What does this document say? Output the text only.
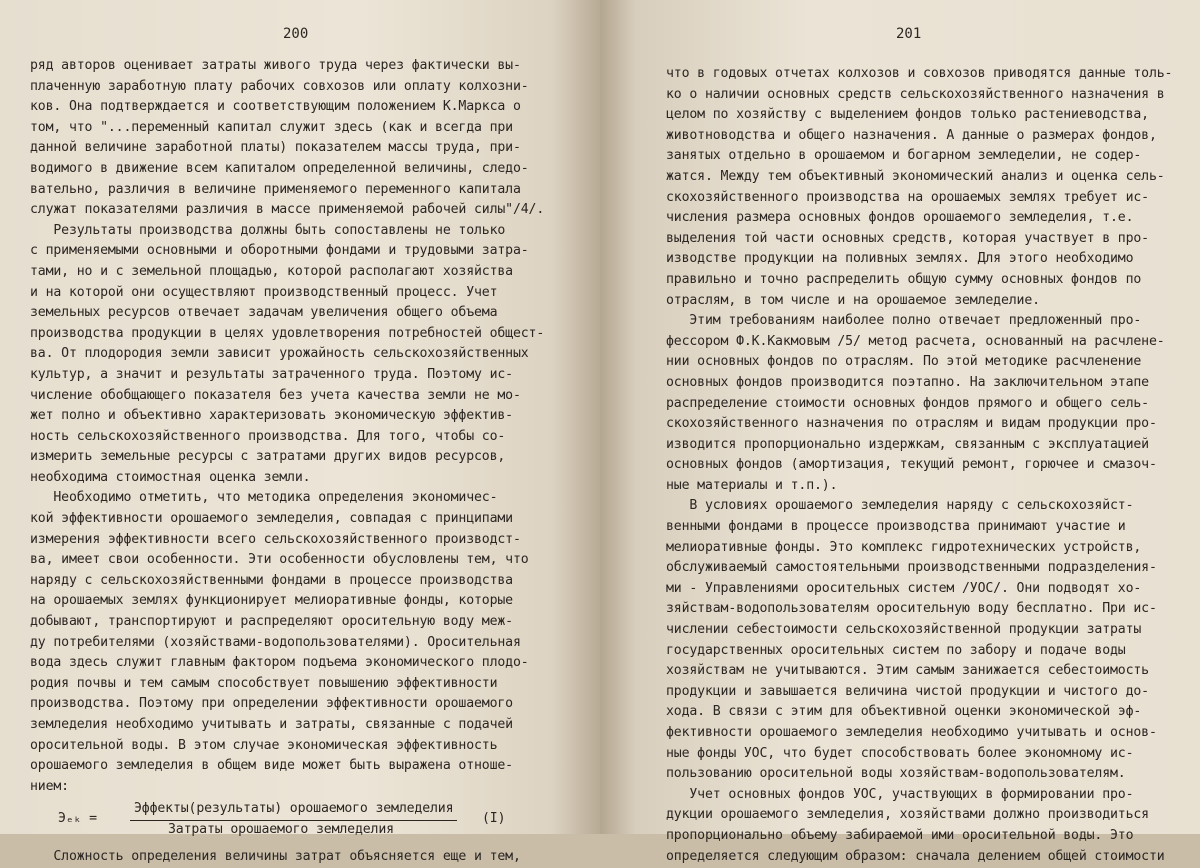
200
ряд авторов оценивает затраты живого труда через фактически вы-
плаченную заработную плату рабочих совхозов или оплату колхозни-
ков. Она подтверждается и соответствующим положением К.Маркса о
том, что "...переменный капитал служит здесь (как и всегда при
данной величине заработной платы) показателем массы труда, при-
водимого в движение всем капиталом определенной величины, следо-
вательно, различия в величине применяемого переменного капитала
служат показателями различия в массе применяемой рабочей силы"/4/.
Результаты производства должны быть сопоставлены не только
с применяемыми основными и оборотными фондами и трудовыми затра-
тами, но и с земельной площадью, которой располагают хозяйства
и на которой они осуществляют производственный процесс. Учет
земельных ресурсов отвечает задачам увеличения общего объема
производства продукции в целях удовлетворения потребностей общест-
ва. От плодородия земли зависит урожайность сельскохозяйственных
культур, а значит и результаты затраченного труда. Поэтому ис-
числение обобщающего показателя без учета качества земли не мо-
жет полно и объективно характеризовать экономическую эффектив-
ность сельскохозяйственного производства. Для того, чтобы со-
измерить земельные ресурсы с затратами других видов ресурсов,
необходима стоимостная оценка земли.
Необходимо отметить, что методика определения экономичес-
кой эффективности орошаемого земледелия, совпадая с принципами
измерения эффективности всего сельскохозяйственного производст-
ва, имеет свои особенности. Эти особенности обусловлены тем, что
наряду с сельскохозяйственными фондами в процессе производства
на орошаемых землях функционирует мелиоративные фонды, которые
добывают, транспортируют и распределяют оросительную воду меж-
ду потребителями (хозяйствами-водопользователями). Оросительная
вода здесь служит главным фактором подъема экономического плодо-
родия почвы и тем самым способствует повышению эффективности
производства. Поэтому при определении эффективности орошаемого
земледелия необходимо учитывать и затраты, связанные с подачей
оросительной воды. В этом случае экономическая эффективность
орошаемого земледелия в общем виде может быть выражена отноше-
нием:
Эₑₖ =
Эффекты(результаты) орошаемого земледелия
Затраты орошаемого земледелия
(I)
Сложность определения величины затрат объясняется еще и тем,
201
что в годовых отчетах колхозов и совхозов приводятся данные толь-
ко о наличии основных средств сельскохозяйственного назначения в
целом по хозяйству с выделением фондов только растениеводства,
животноводства и общего назначения. А данные о размерах фондов,
занятых отдельно в орошаемом и богарном земледелии, не содер-
жатся. Между тем объективный экономический анализ и оценка сель-
скохозяйственного производства на орошаемых землях требует ис-
числения размера основных фондов орошаемого земледелия, т.е.
выделения той части основных средств, которая участвует в про-
изводстве продукции на поливных землях. Для этого необходимо
правильно и точно распределить общую сумму основных фондов по
отраслям, в том числе и на орошаемое земледелие.
Этим требованиям наиболее полно отвечает предложенный про-
фессором Ф.К.Какмовым /5/ метод расчета, основанный на расчлене-
нии основных фондов по отраслям. По этой методике расчленение
основных фондов производится поэтапно. На заключительном этапе
распределение стоимости основных фондов прямого и общего сель-
скохозяйственного назначения по отраслям и видам продукции про-
изводится пропорционально издержкам, связанным с эксплуатацией
основных фондов (амортизация, текущий ремонт, горючее и смазоч-
ные материалы и т.п.).
В условиях орошаемого земледелия наряду с сельскохозяйст-
венными фондами в процессе производства принимают участие и
мелиоративные фонды. Это комплекс гидротехнических устройств,
обслуживаемый самостоятельными производственными подразделения-
ми - Управлениями оросительных систем /УОС/. Они подводят хо-
зяйствам-водопользователям оросительную воду бесплатно. При ис-
числении себестоимости сельскохозяйственной продукции затраты
государственных оросительных систем по забору и подаче воды
хозяйствам не учитываются. Этим самым занижается себестоимость
продукции и завышается величина чистой продукции и чистого до-
хода. В связи с этим для объективной оценки экономической эф-
фективности орошаемого земледелия необходимо учитывать и основ-
ные фонды УОС, что будет способствовать более экономному ис-
пользованию оросительной воды хозяйствам-водопользователям.
Учет основных фондов УОС, участвующих в формировании про-
дукции орошаемого земледелия, хозяйствами должно производиться
пропорционально объему забираемой ими оросительной воды. Это
определяется следующим образом: сначала делением общей стоимости
